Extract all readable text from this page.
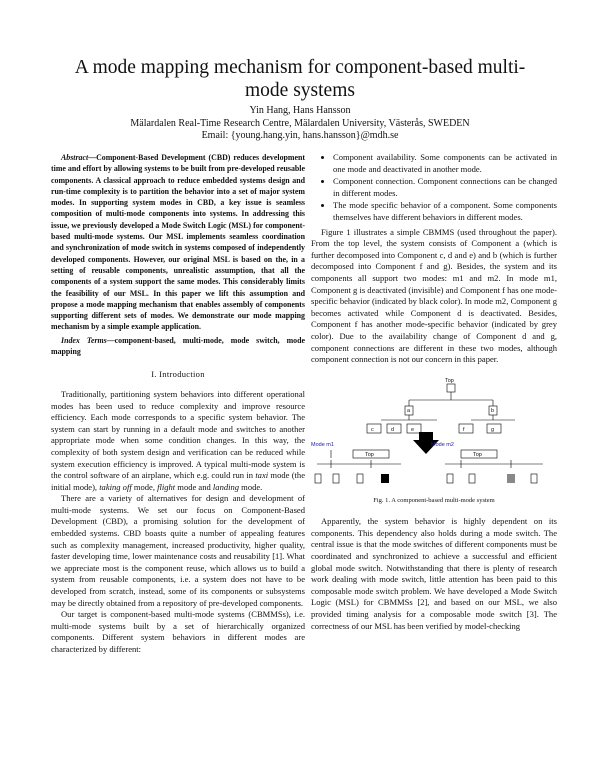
A mode mapping mechanism for component-based multi-mode systems
Yin Hang, Hans Hansson
Mälardalen Real-Time Research Centre, Mälardalen University, Västerås, SWEDEN
Email: {young.hang.yin, hans.hansson}@mdh.se

Abstract—Component-Based Development (CBD) reduces development time and effort by allowing systems to be built from pre-developed reusable components. A classical approach to reduce embedded systems design and run-time complexity is to partition the behavior into a set of major system modes. In supporting system modes in CBD, a key issue is seamless composition of multi-mode components into systems. In addressing this issue, we previously developed a Mode Switch Logic (MSL) for component-based multi-mode systems. Our MSL implements seamless coordination and synchronization of mode switch in systems composed of independently developed components. However, our original MSL is based on the, in a setting of reusable components, unrealistic assumption, that all the components of a system support the same modes. This considerably limits the feasibility of our MSL. In this paper we lift this assumption and propose a mode mapping mechanism that enables assembly of components supporting different sets of modes. We demonstrate our mode mapping mechanism by a simple example application.

Index Terms—component-based, multi-mode, mode switch, mode mapping

I. Introduction

Traditionally, partitioning system behaviors into different operational modes has been used to reduce complexity and improve resource efficiency. Each mode corresponds to a specific system behavior. The system can start by running in a default mode and switches to another appropriate mode when some condition changes. In this way, the complexity of both system design and verification can be reduced while system execution efficiency is improved. A typical multi-mode system is the control software of an airplane, which e.g. could run in taxi mode (the initial mode), taking off mode, flight mode and landing mode.

There are a variety of alternatives for design and development of multi-mode systems. We set our focus on Component-Based Development (CBD), a promising solution for the development of embedded systems. CBD boasts quite a number of appealing features such as complexity management, increased productivity, higher quality, faster developing time, lower maintenance costs and reusability [1]. What we appreciate most is the component reuse, which allows us to build a system from reusable components, i.e. a system does not have to be developed from scratch, instead, some of its components or subsystems may be directly obtained from a repository of pre-developed components.

Our target is component-based multi-mode systems (CBMMSs), i.e. multi-mode systems built by a set of hierarchically organized components. Different system behaviors in different modes are characterized by different:

• Component availability. Some components can be activated in one mode and deactivated in another mode.
• Component connection. Component connections can be changed in different modes.
• The mode specific behavior of a component. Some components themselves have different behaviors in different modes.

Figure 1 illustrates a simple CBMMS (used throughout the paper). From the top level, the system consists of Component a (which is further decomposed into Component c, d and e) and b (which is further decomposed into Component f and g). Besides, the system and its components all support two modes: m1 and m2. In mode m1, Component g is deactivated (invisible) and Component f has one mode-specific behavior (indicated by black color). In mode m2, Component g becomes activated while Component d is deactivated. Besides, Component f has another mode-specific behavior (indicated by grey color). Due to the availability change of Component d and g, component connections are different in these two modes, although component connection is not our concern in this paper.

Top
Mode m1	Mode m2
a	b
c	d	e	f	g
Top	Top
Fig. 1. A component-based multi-mode system

Apparently, the system behavior is highly dependent on its components. This dependency also holds during a mode switch. The central issue is that the mode switches of different components must be coordinated and synchronized to achieve a successful and efficient global mode switch. Notwithstanding that there is plenty of research work dealing with mode switch, little attention has been paid to this composable mode switch problem. We have developed a Mode Switch Logic (MSL) for CBMMSs [2], and based on our MSL, we also provided timing analysis for a composable mode switch [3]. The correctness of our MSL has been verified by model-checking
